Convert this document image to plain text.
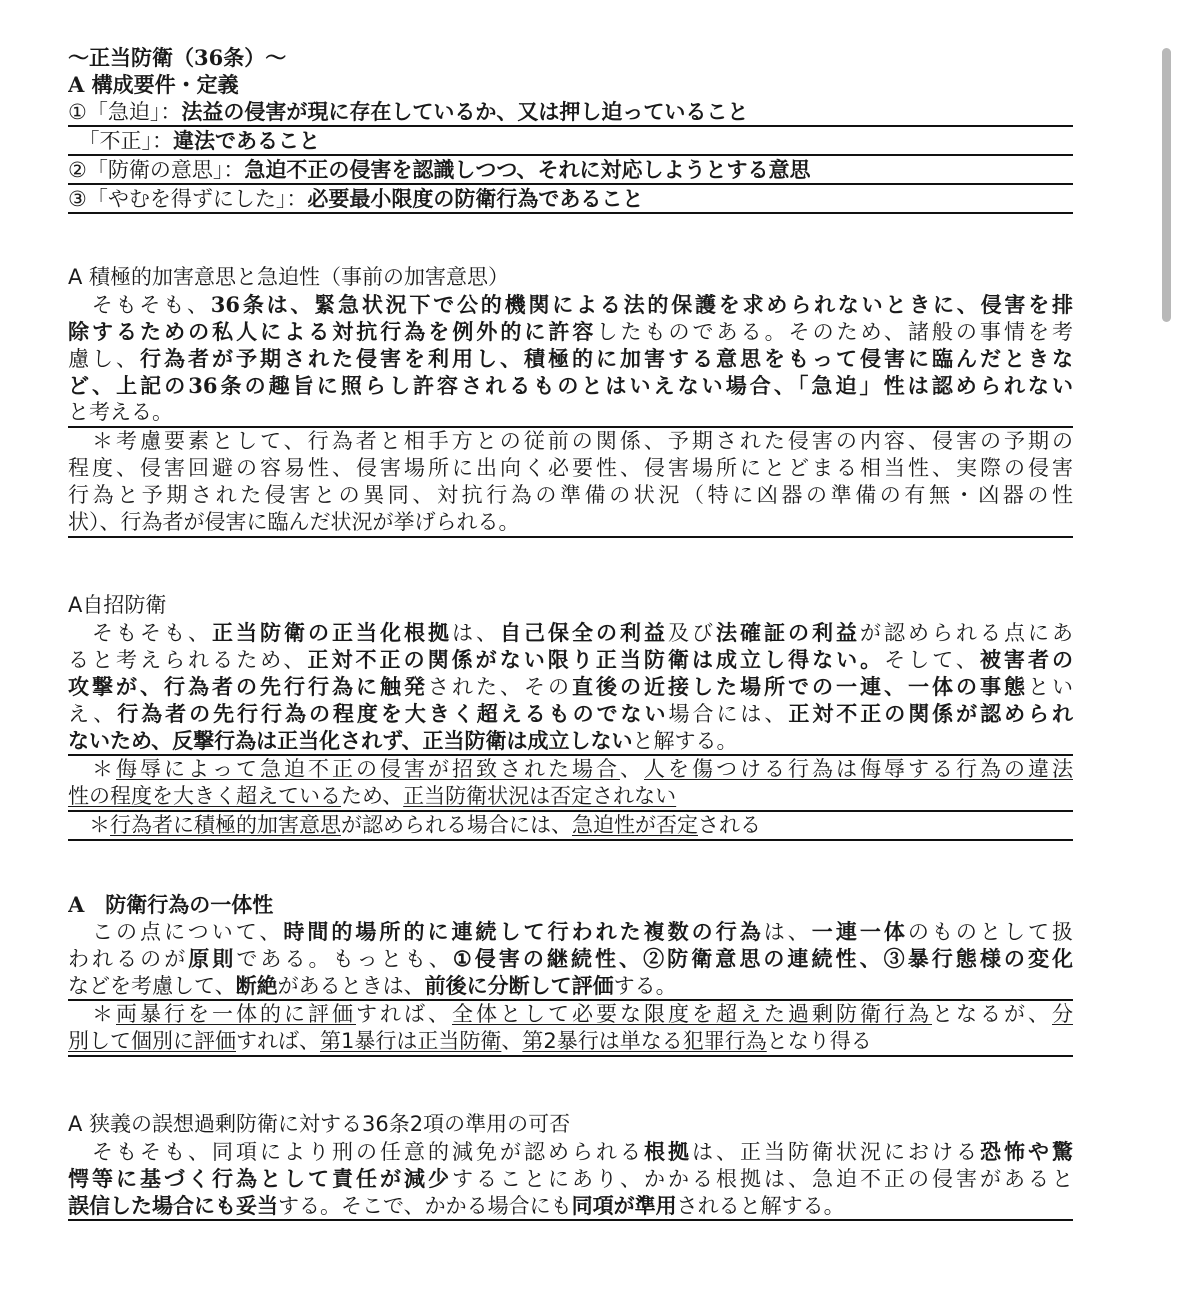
〜正当防衛（36条）〜
A 構成要件・定義
①「急迫」：法益の侵害が現に存在しているか、又は押し迫っていること
　「不正」：違法であること
②「防衛の意思」：急迫不正の侵害を認識しつつ、それに対応しようとする意思
③「やむを得ずにした」：必要最小限度の防衛行為であること
A 積極的加害意思と急迫性（事前の加害意思）
　そもそも、36条は、緊急状況下で公的機関による法的保護を求められないときに、侵害を排
除するための私人による対抗行為を例外的に許容したものである。そのため、諸般の事情を考
慮し、行為者が予期された侵害を利用し、積極的に加害する意思をもって侵害に臨んだときな
ど、上記の36条の趣旨に照らし許容されるものとはいえない場合、「急迫」性は認められない
と考える。
　＊考慮要素として、行為者と相手方との従前の関係、予期された侵害の内容、侵害の予期の
程度、侵害回避の容易性、侵害場所に出向く必要性、侵害場所にとどまる相当性、実際の侵害
行為と予期された侵害との異同、対抗行為の準備の状況（特に凶器の準備の有無・凶器の性
状）、行為者が侵害に臨んだ状況が挙げられる。
A自招防衛
　そもそも、正当防衛の正当化根拠は、自己保全の利益及び法確証の利益が認められる点にあ
ると考えられるため、正対不正の関係がない限り正当防衛は成立し得ない。そして、被害者の
攻撃が、行為者の先行行為に触発された、その直後の近接した場所での一連、一体の事態とい
え、行為者の先行行為の程度を大きく超えるものでない場合には、正対不正の関係が認められ
ないため、反撃行為は正当化されず、正当防衛は成立しないと解する。
　＊侮辱によって急迫不正の侵害が招致された場合、人を傷つける行為は侮辱する行為の違法
性の程度を大きく超えているため、正当防衛状況は否定されない
　＊行為者に積極的加害意思が認められる場合には、急迫性が否定される
A　防衛行為の一体性
　この点について、時間的場所的に連続して行われた複数の行為は、一連一体のものとして扱
われるのが原則である。もっとも、①侵害の継続性、②防衛意思の連続性、③暴行態様の変化
などを考慮して、断絶があるときは、前後に分断して評価する。
　＊両暴行を一体的に評価すれば、全体として必要な限度を超えた過剰防衛行為となるが、分
別して個別に評価すれば、第1暴行は正当防衛、第2暴行は単なる犯罪行為となり得る
A 狭義の誤想過剰防衛に対する36条2項の準用の可否
　そもそも、同項により刑の任意的減免が認められる根拠は、正当防衛状況における恐怖や驚
愕等に基づく行為として責任が減少することにあり、かかる根拠は、急迫不正の侵害があると
誤信した場合にも妥当する。そこで、かかる場合にも同項が準用されると解する。
